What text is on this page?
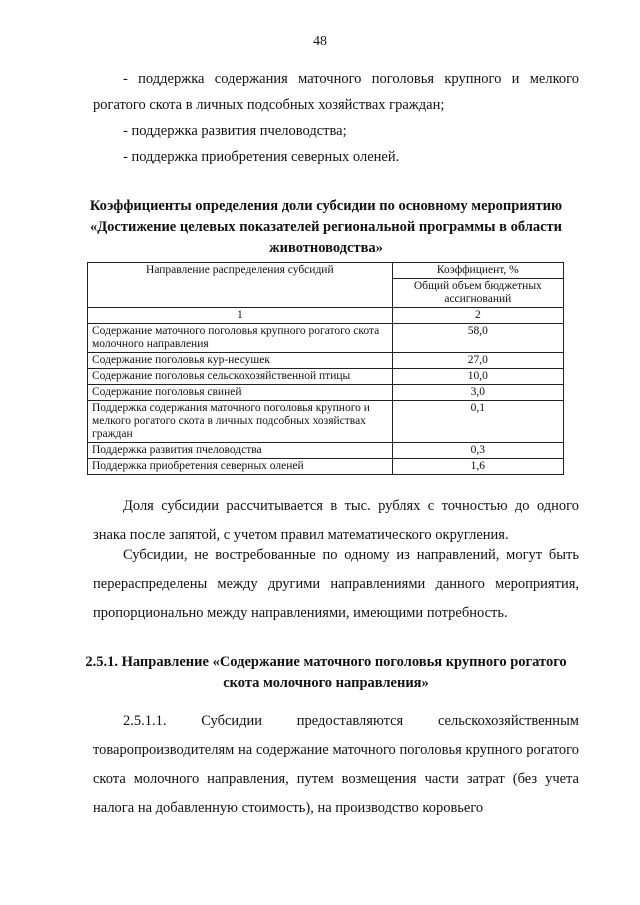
48
- поддержка содержания маточного поголовья крупного и мелкого рогатого скота в личных подсобных хозяйствах граждан;
- поддержка развития пчеловодства;
- поддержка приобретения северных оленей.
Коэффициенты определения доли субсидии по основному мероприятию «Достижение целевых показателей региональной программы в области животноводства»
Направление распределения субсидий	Коэффициент, %
	Общий объем бюджетных ассигнований
1	2
Содержание маточного поголовья крупного рогатого скота молочного направления	58,0
Содержание поголовья кур-несушек	27,0
Содержание поголовья сельскохозяйственной птицы	10,0
Содержание поголовья свиней	3,0
Поддержка содержания маточного поголовья крупного и мелкого рогатого скота в личных подсобных хозяйствах граждан	0,1
Поддержка развития пчеловодства	0,3
Поддержка приобретения северных оленей	1,6
Доля субсидии рассчитывается в тыс. рублях с точностью до одного знака после запятой, с учетом правил математического округления.
Субсидии, не востребованные по одному из направлений, могут быть перераспределены между другими направлениями данного мероприятия, пропорционально между направлениями, имеющими потребность.
2.5.1. Направление «Содержание маточного поголовья крупного рогатого скота молочного направления»
2.5.1.1. Субсидии предоставляются сельскохозяйственным товаропроизводителям на содержание маточного поголовья крупного рогатого скота молочного направления, путем возмещения части затрат (без учета налога на добавленную стоимость), на производство коровьего
